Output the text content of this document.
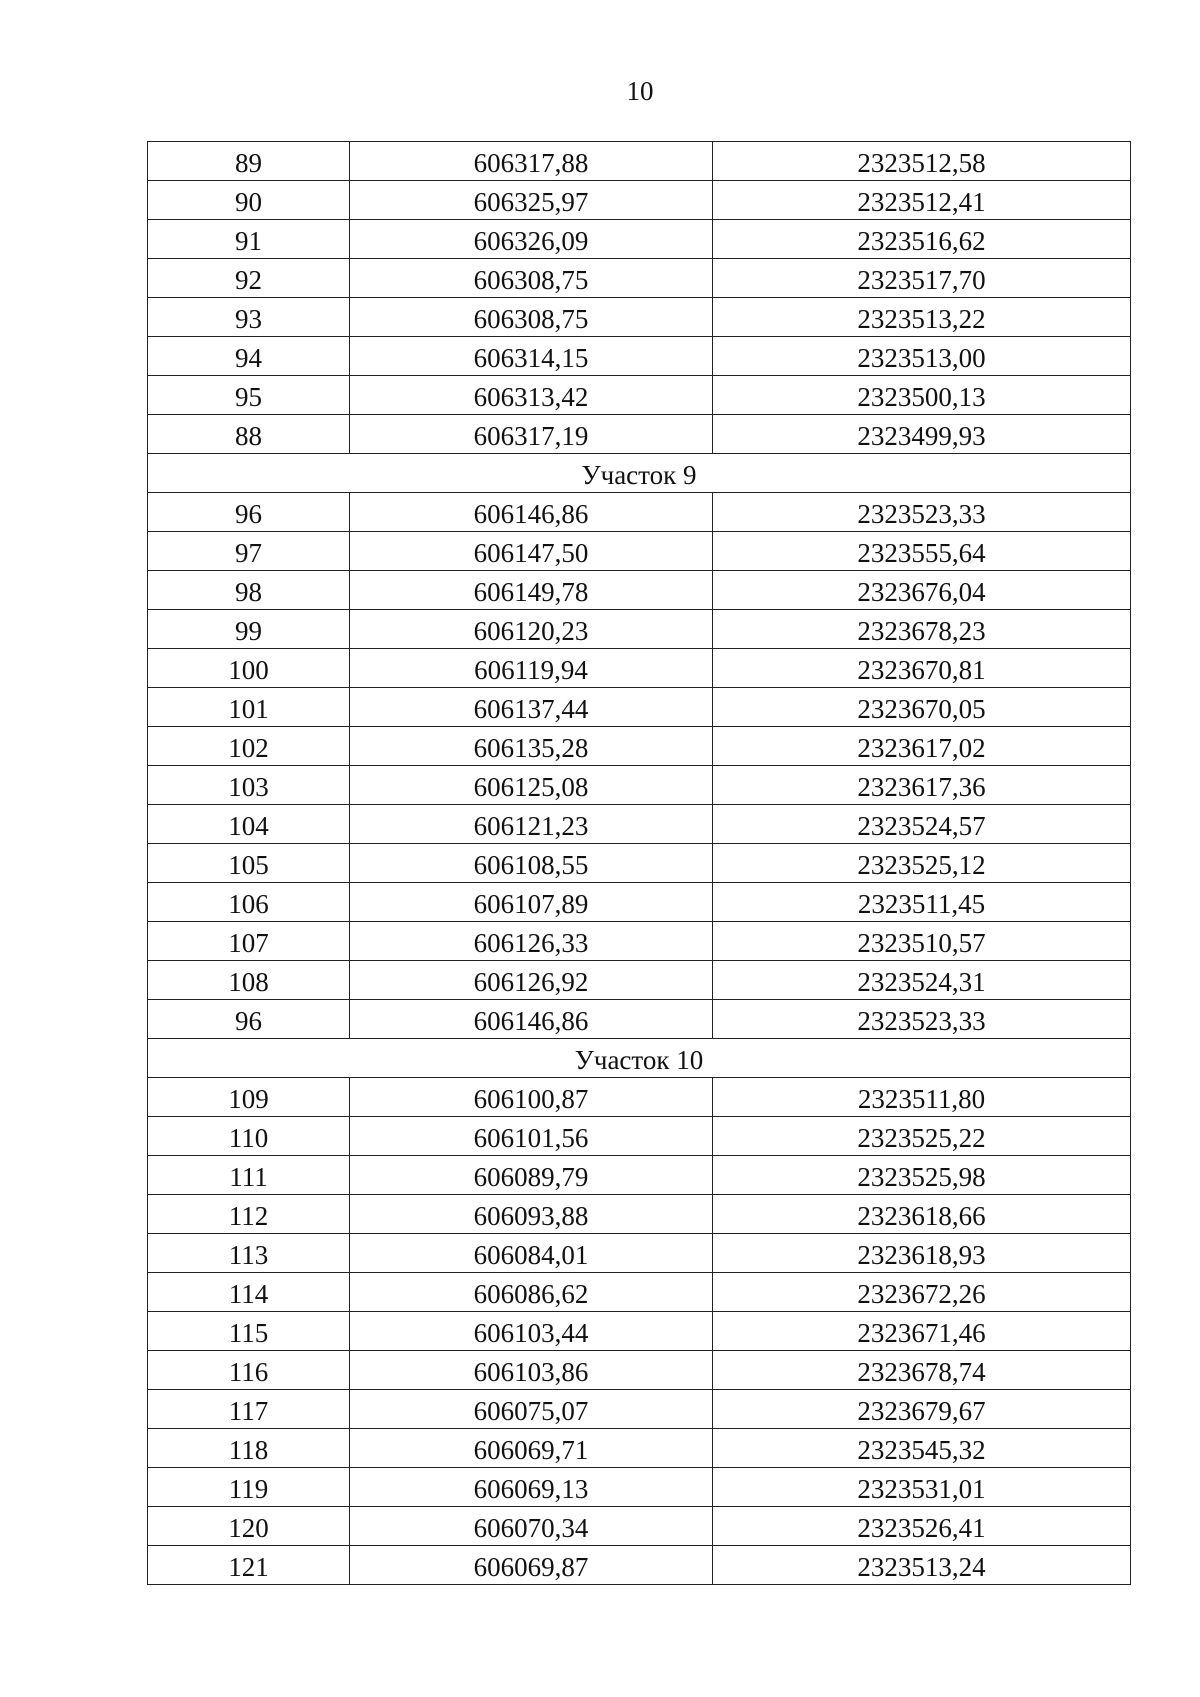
10
89	606317,88	2323512,58
90	606325,97	2323512,41
91	606326,09	2323516,62
92	606308,75	2323517,70
93	606308,75	2323513,22
94	606314,15	2323513,00
95	606313,42	2323500,13
88	606317,19	2323499,93
Участок 9		
96	606146,86	2323523,33
97	606147,50	2323555,64
98	606149,78	2323676,04
99	606120,23	2323678,23
100	606119,94	2323670,81
101	606137,44	2323670,05
102	606135,28	2323617,02
103	606125,08	2323617,36
104	606121,23	2323524,57
105	606108,55	2323525,12
106	606107,89	2323511,45
107	606126,33	2323510,57
108	606126,92	2323524,31
96	606146,86	2323523,33
Участок 10		
109	606100,87	2323511,80
110	606101,56	2323525,22
111	606089,79	2323525,98
112	606093,88	2323618,66
113	606084,01	2323618,93
114	606086,62	2323672,26
115	606103,44	2323671,46
116	606103,86	2323678,74
117	606075,07	2323679,67
118	606069,71	2323545,32
119	606069,13	2323531,01
120	606070,34	2323526,41
121	606069,87	2323513,24
